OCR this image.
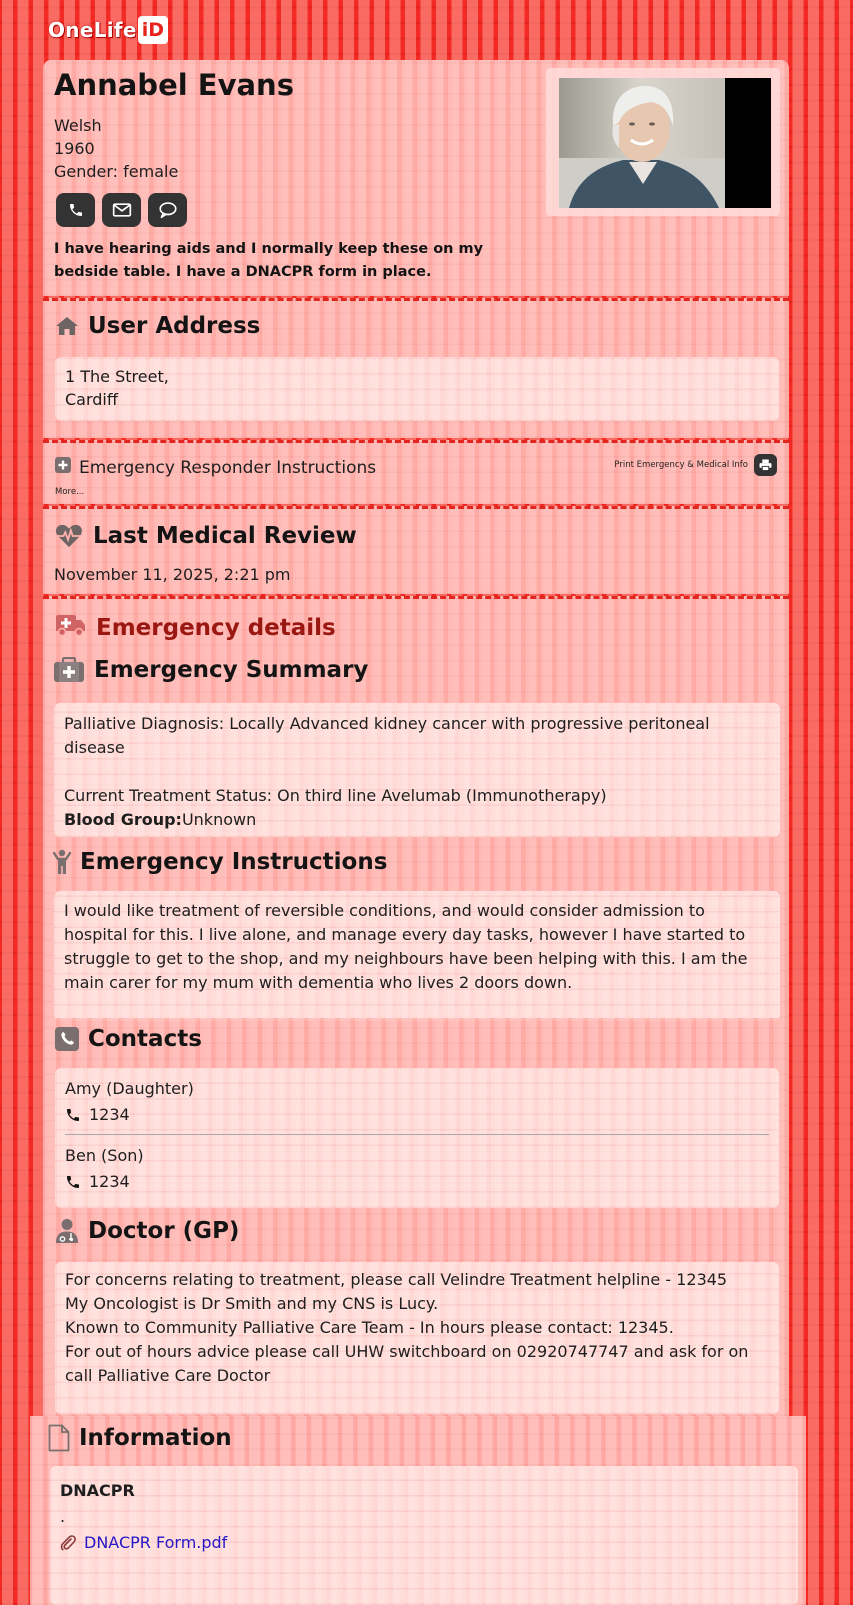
OneLife iD
Annabel Evans
Welsh
1960
Gender: female

I have hearing aids and I normally keep these on my bedside table. I have a DNACPR form in place.

User Address
1 The Street,
Cardiff
Emergency Responder Instructions
More...
Print Emergency & Medical Info
Last Medical Review
November 11, 2025, 2:21 pm
Emergency details
Emergency Summary
Palliative Diagnosis: Locally Advanced kidney cancer with progressive peritoneal disease
Current Treatment Status: On third line Avelumab (Immunotherapy)
Blood Group:Unknown
Emergency Instructions

I would like treatment of reversible conditions, and would consider admission to hospital for this. I live alone, and manage every day tasks, however I have started to struggle to get to the shop, and my neighbours have been helping with this. I am the main carer for my mum with dementia who lives 2 doors down.

Contacts
Amy (Daughter)
1234
Ben (Son)
1234
Doctor (GP)
For concerns relating to treatment, please call Velindre Treatment helpline - 12345
My Oncologist is Dr Smith and my CNS is Lucy.
Known to Community Palliative Care Team - In hours please contact: 12345.
For out of hours advice please call UHW switchboard on 02920747747 and ask for on call Palliative Care Doctor
Information
DNACPR
.
DNACPR Form.pdf
